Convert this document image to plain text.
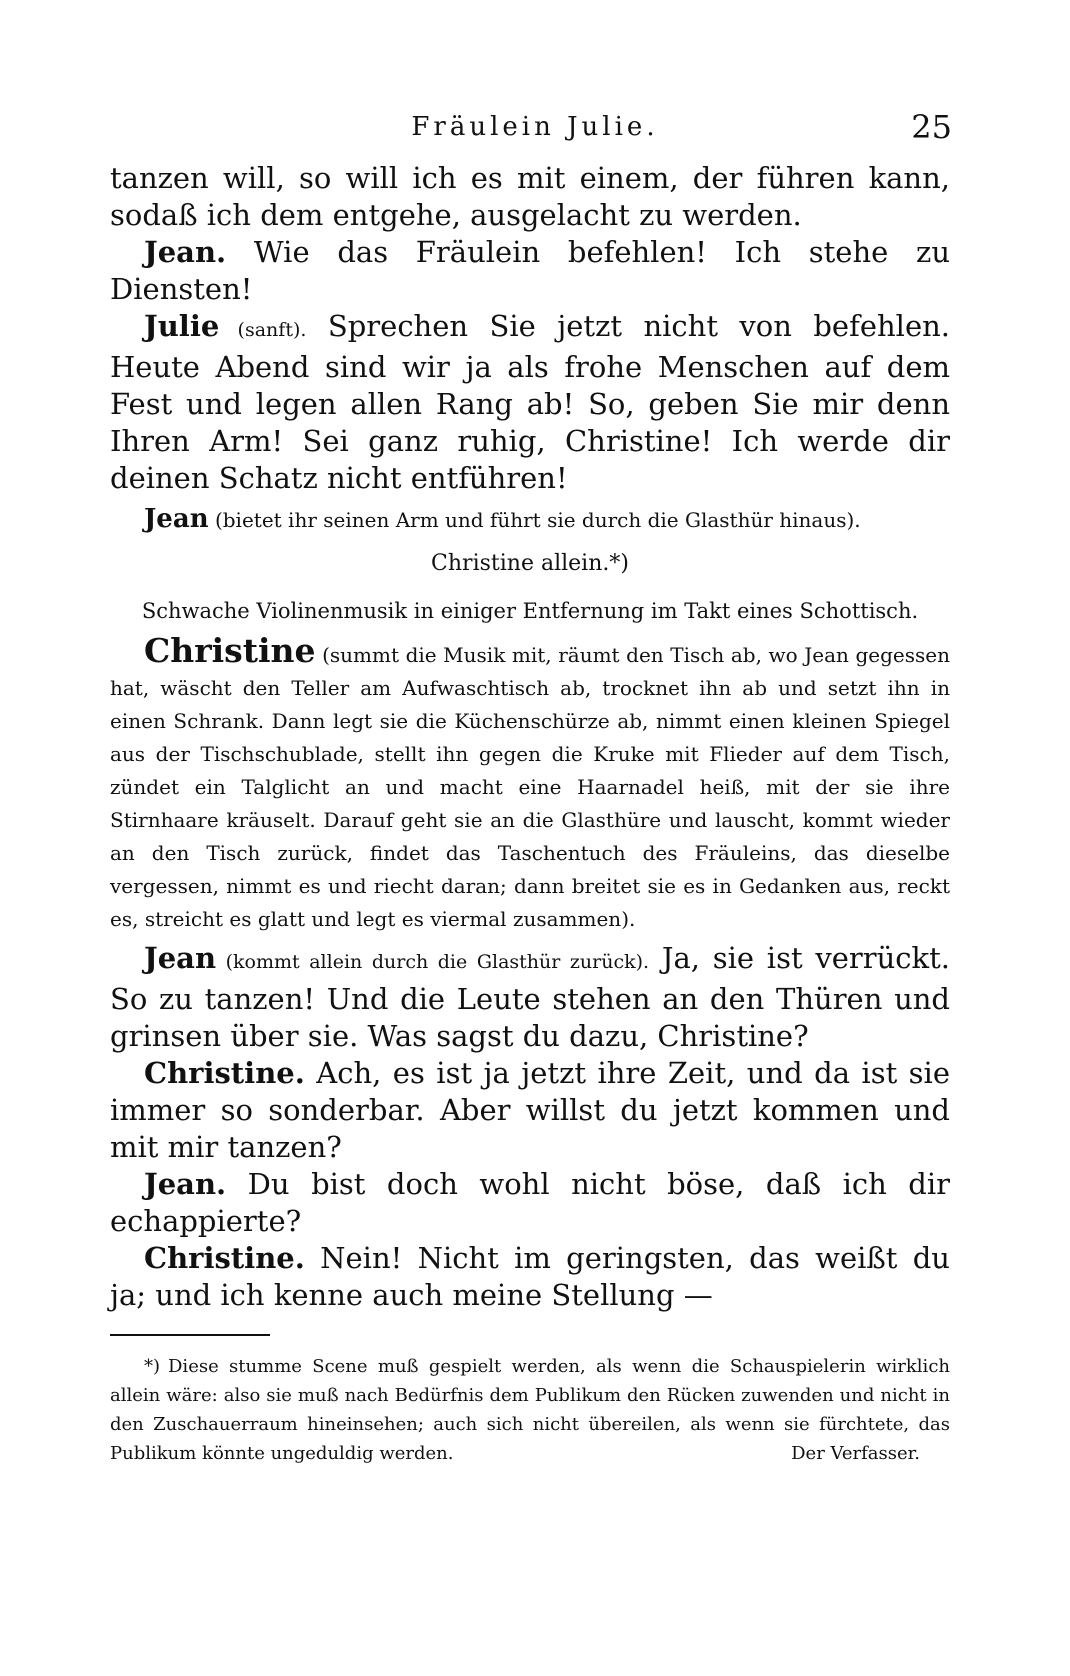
Fräulein Julie.	25

tanzen will, so will ich es mit einem, der führen kann, sodaß ich dem entgehe, ausgelacht zu werden.

Jean. Wie das Fräulein befehlen! Ich stehe zu Diensten!

Julie (sanft). Sprechen Sie jetzt nicht von befehlen. Heute Abend sind wir ja als frohe Menschen auf dem Fest und legen allen Rang ab! So, geben Sie mir denn Ihren Arm! Sei ganz ruhig, Christine! Ich werde dir deinen Schatz nicht entführen!

Jean (bietet ihr seinen Arm und führt sie durch die Glasthür hinaus).

Christine allein.*)

Schwache Violinenmusik in einiger Entfernung im Takt eines Schottisch.

Christine (summt die Musik mit, räumt den Tisch ab, wo Jean gegessen hat, wäscht den Teller am Aufwaschtisch ab, trocknet ihn ab und setzt ihn in einen Schrank. Dann legt sie die Küchenschürze ab, nimmt einen kleinen Spiegel aus der Tischschublade, stellt ihn gegen die Kruke mit Flieder auf dem Tisch, zündet ein Talglicht an und macht eine Haarnadel heiß, mit der sie ihre Stirnhaare kräuselt. Darauf geht sie an die Glasthüre und lauscht, kommt wieder an den Tisch zurück, findet das Taschentuch des Fräuleins, das dieselbe vergessen, nimmt es und riecht daran; dann breitet sie es in Gedanken aus, reckt es, streicht es glatt und legt es viermal zusammen).

Jean (kommt allein durch die Glasthür zurück). Ja, sie ist verrückt. So zu tanzen! Und die Leute stehen an den Thüren und grinsen über sie. Was sagst du dazu, Christine?

Christine. Ach, es ist ja jetzt ihre Zeit, und da ist sie immer so sonderbar. Aber willst du jetzt kommen und mit mir tanzen?

Jean. Du bist doch wohl nicht böse, daß ich dir echappierte?

Christine. Nein! Nicht im geringsten, das weißt du ja; und ich kenne auch meine Stellung —

*) Diese stumme Scene muß gespielt werden, als wenn die Schauspielerin wirklich allein wäre: also sie muß nach Bedürfnis dem Publikum den Rücken zuwenden und nicht in den Zuschauerraum hineinsehen; auch sich nicht übereilen, als wenn sie fürchtete, das Publikum könnte ungeduldig werden.	Der Verfasser.
